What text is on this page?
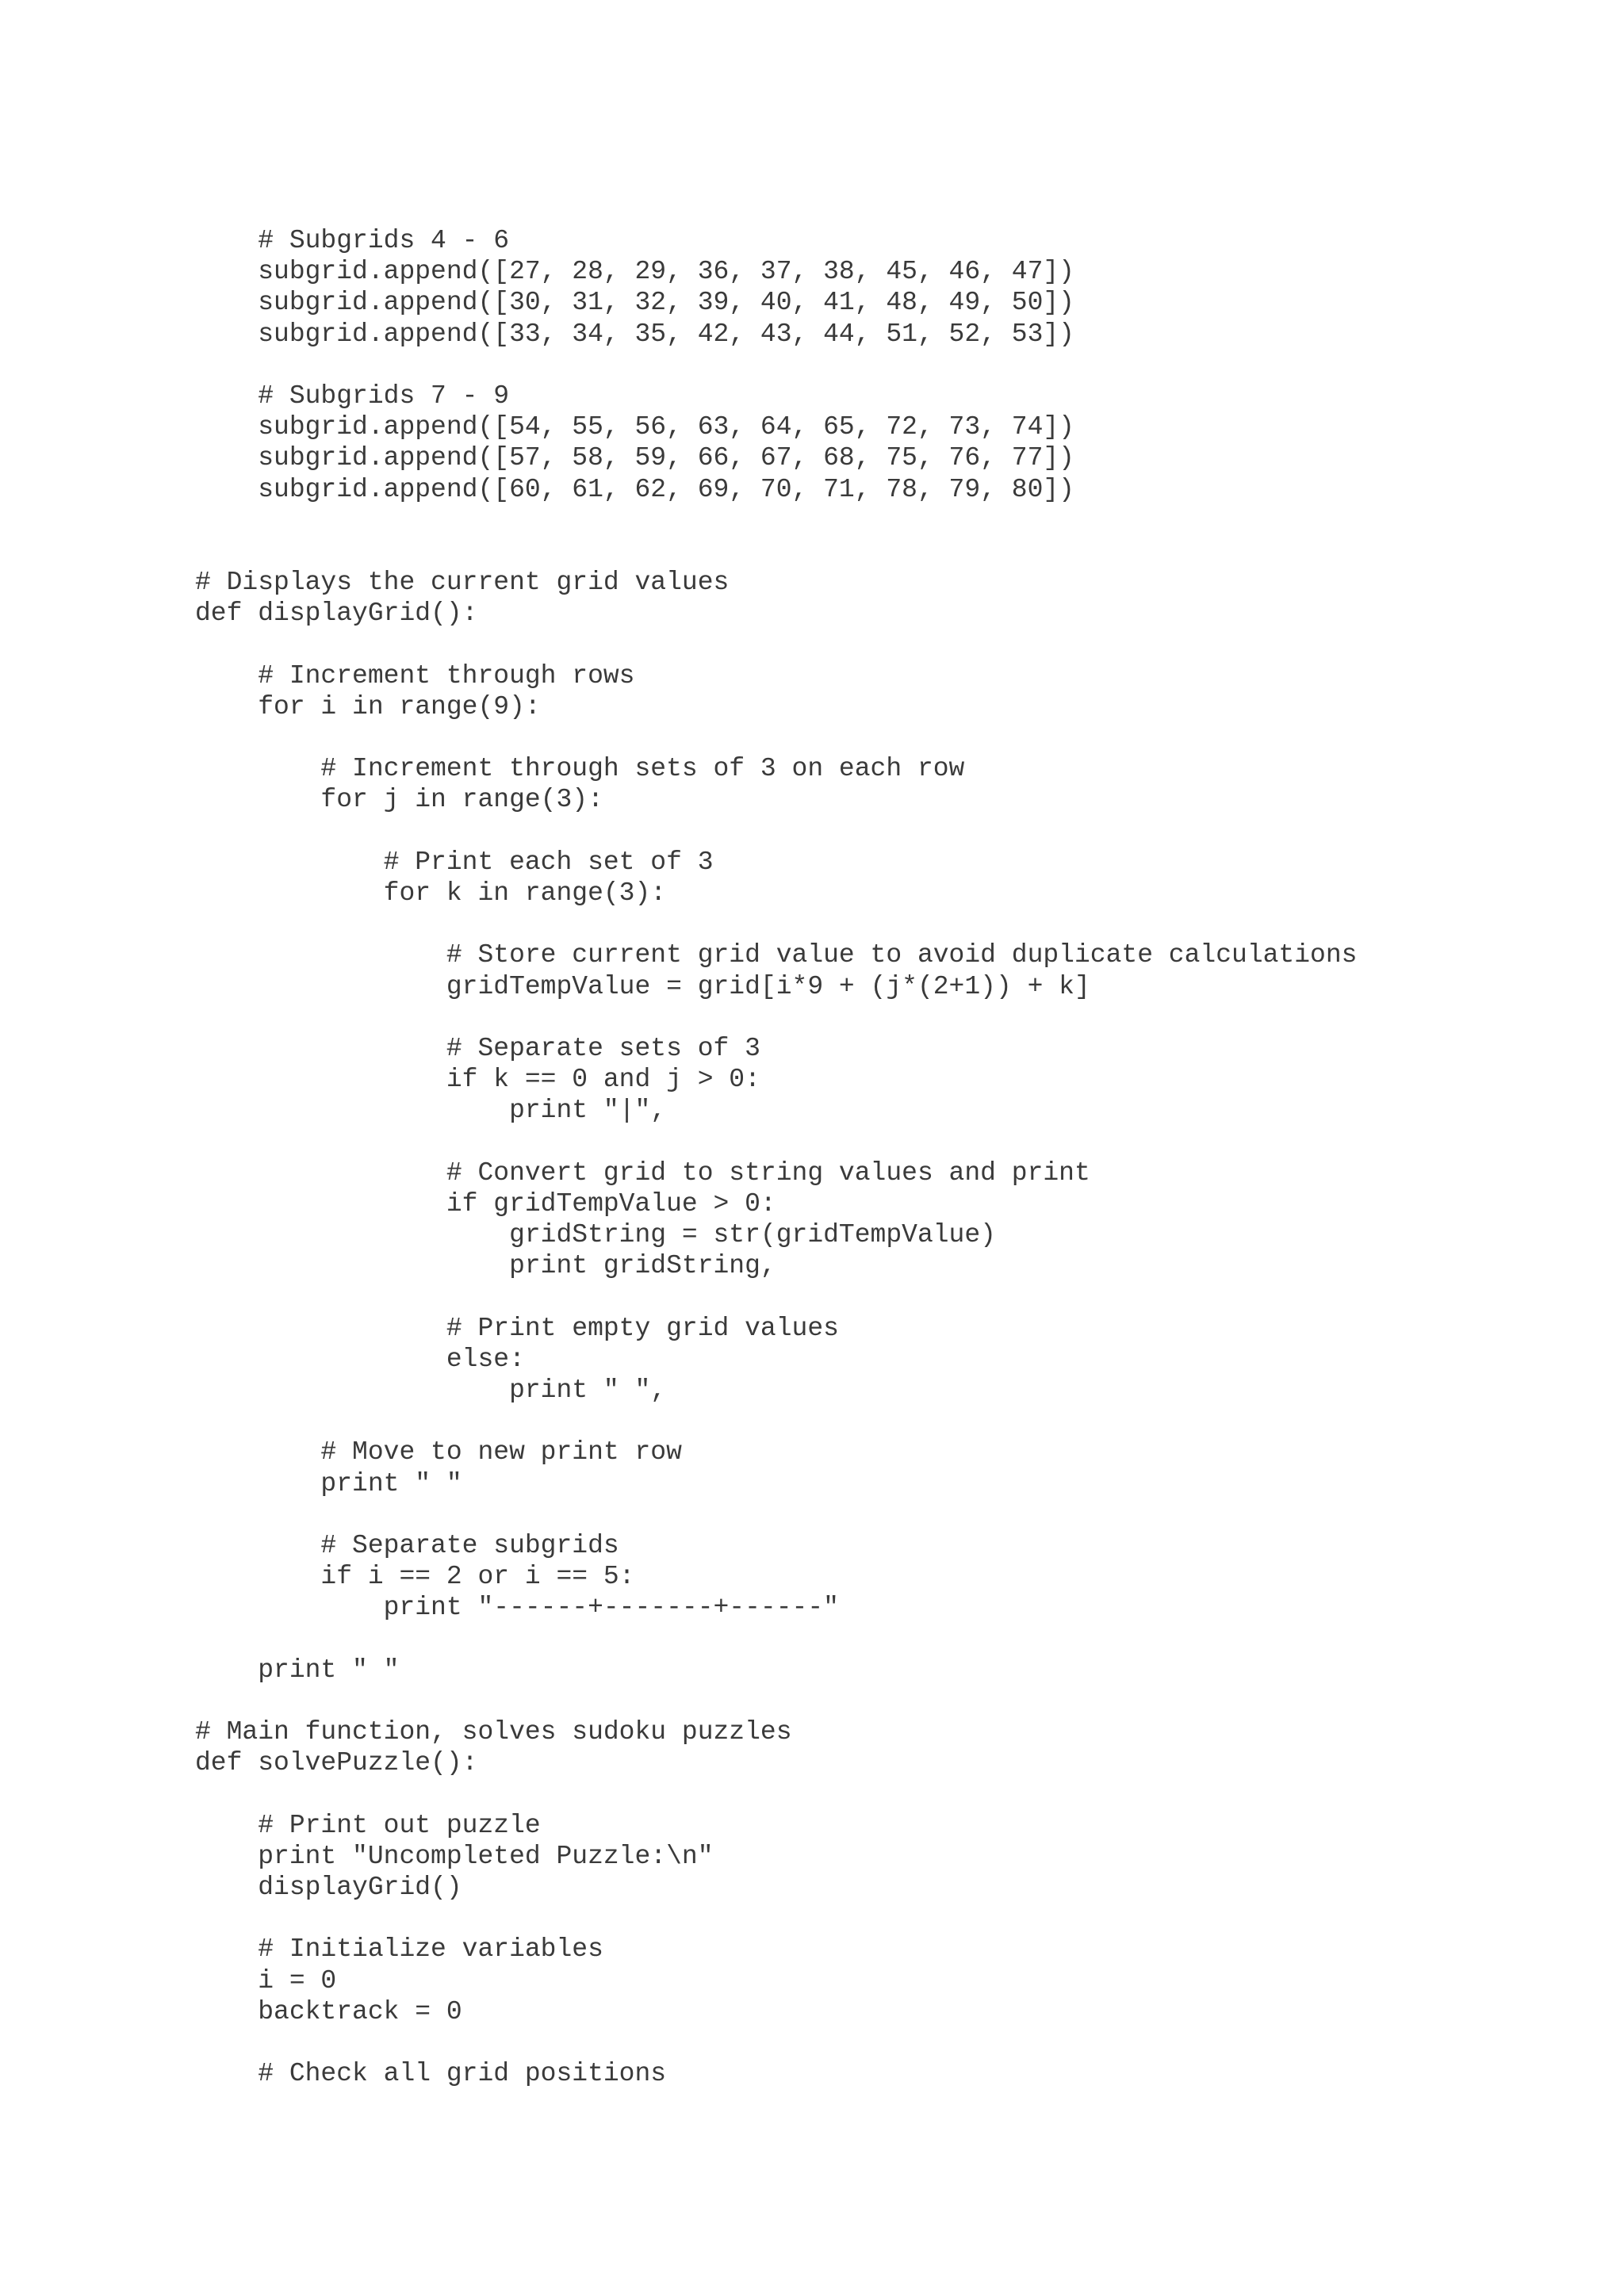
# Subgrids 4 - 6
subgrid.append([27, 28, 29, 36, 37, 38, 45, 46, 47])
subgrid.append([30, 31, 32, 39, 40, 41, 48, 49, 50])
subgrid.append([33, 34, 35, 42, 43, 44, 51, 52, 53])
# Subgrids 7 - 9
subgrid.append([54, 55, 56, 63, 64, 65, 72, 73, 74])
subgrid.append([57, 58, 59, 66, 67, 68, 75, 76, 77])
subgrid.append([60, 61, 62, 69, 70, 71, 78, 79, 80])
# Displays the current grid values
def displayGrid():
# Increment through rows
for i in range(9):
# Increment through sets of 3 on each row
for j in range(3):
# Print each set of 3
for k in range(3):
# Store current grid value to avoid duplicate calculations
gridTempValue = grid[i*9 + (j*(2+1)) + k]
# Separate sets of 3
if k == 0 and j > 0:
print "|",
# Convert grid to string values and print
if gridTempValue > 0:
gridString = str(gridTempValue)
print gridString,
# Print empty grid values
else:
print " ",
# Move to new print row
print " "
# Separate subgrids
if i == 2 or i == 5:
print "------+-------+------"
print " "
# Main function, solves sudoku puzzles
def solvePuzzle():
# Print out puzzle
print "Uncompleted Puzzle:\n"
displayGrid()
# Initialize variables
i = 0
backtrack = 0
# Check all grid positions
